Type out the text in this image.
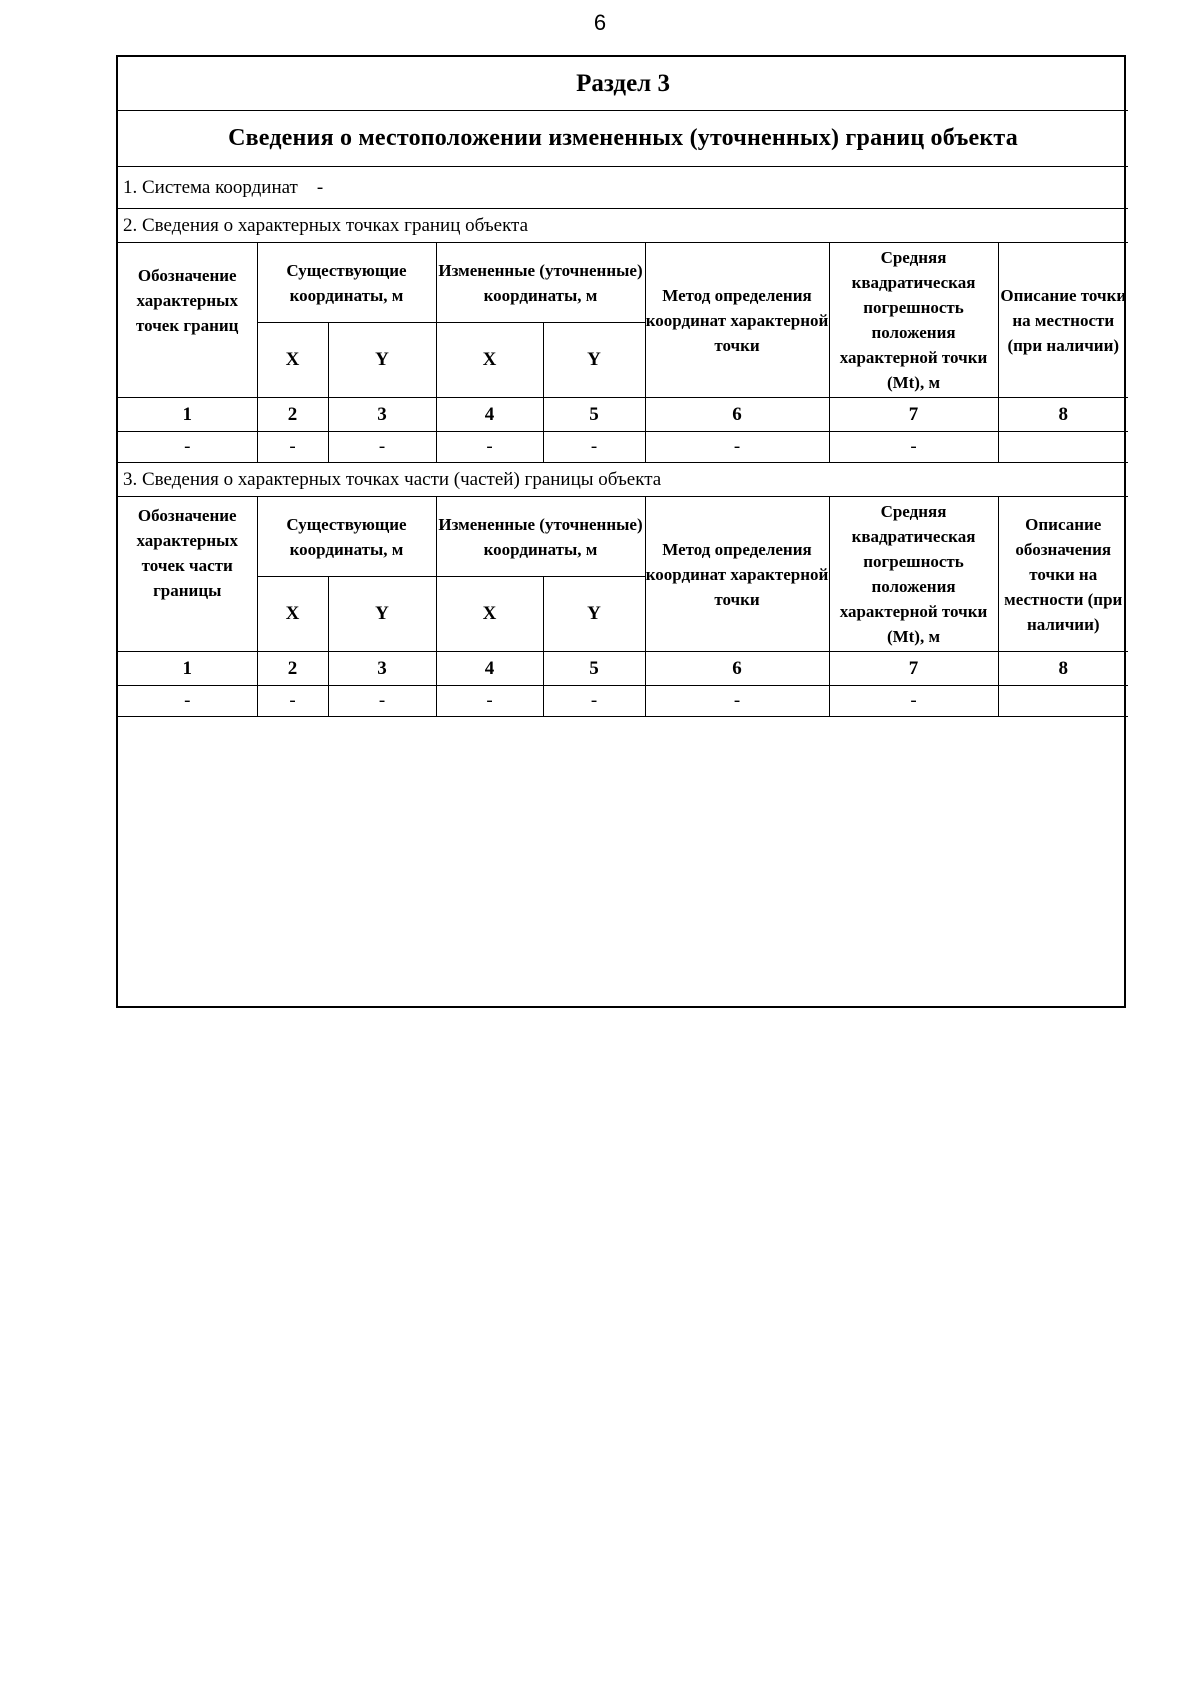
6
Раздел 3							
Сведения о местоположении измененных (уточненных) границ объекта							
1. Система координат -							
2. Сведения о характерных точках границ объекта							
Обозначение характерных точек границ	Существующие координаты, м		Измененные (уточненные) координаты, м		Метод определения координат характерной точки	Средняя квадратическая погрешность положения характерной точки (Mt), м	Описание точки на местности (при наличии)
	X	Y	X	Y			
1	2	3	4	5	6	7	8
-	-	-	-	-	-	-	
3. Сведения о характерных точках части (частей) границы объекта							
Обозначение характерных точек части границы	Существующие координаты, м		Измененные (уточненные) координаты, м		Метод определения координат характерной точки	Средняя квадратическая погрешность положения характерной точки (Mt), м	Описание обозначения точки на местности (при наличии)
	X	Y	X	Y			
1	2	3	4	5	6	7	8
-	-	-	-	-	-	-	
